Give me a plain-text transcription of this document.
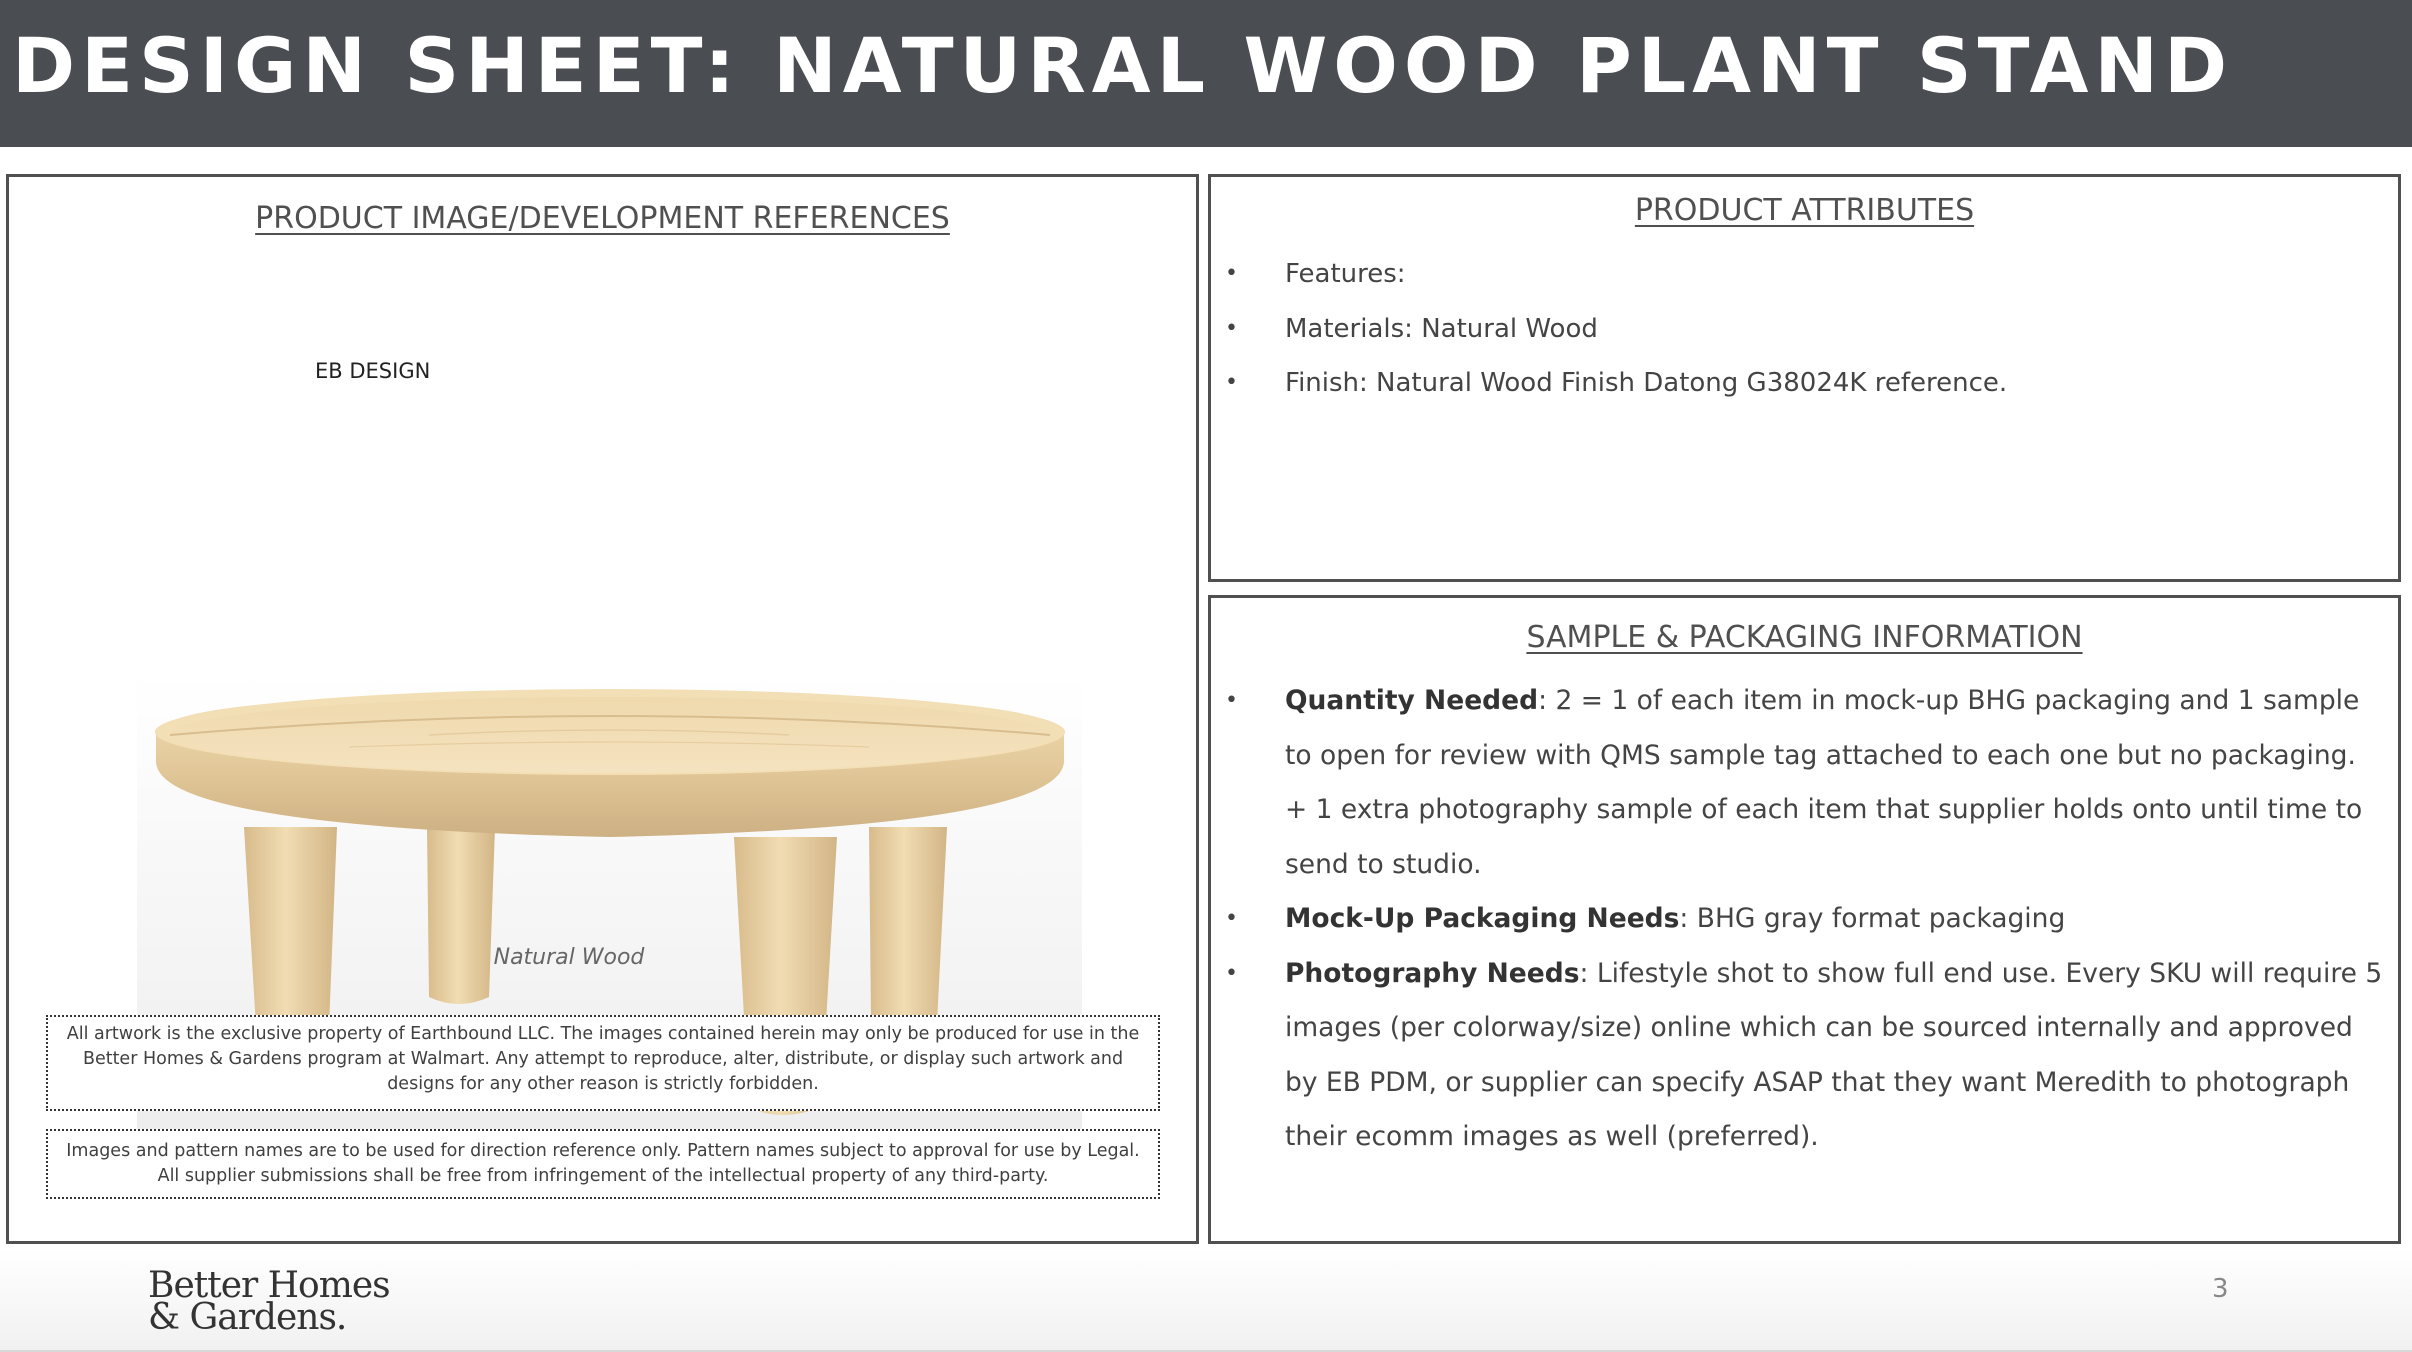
DESIGN SHEET: NATURAL WOOD PLANT STAND
PRODUCT IMAGE/DEVELOPMENT REFERENCES
EB DESIGN
Natural Wood
All artwork is the exclusive property of Earthbound LLC. The images contained herein may only be produced for use in the Better Homes & Gardens program at Walmart. Any attempt to reproduce, alter, distribute, or display such artwork and designs for any other reason is strictly forbidden.
Images and pattern names are to be used for direction reference only. Pattern names subject to approval for use by Legal.
All supplier submissions shall be free from infringement of the intellectual property of any third-party.
PRODUCT ATTRIBUTES
• Features:
• Materials: Natural Wood
• Finish: Natural Wood Finish Datong G38024K reference.
SAMPLE & PACKAGING INFORMATION
• Quantity Needed: 2 = 1 of each item in mock-up BHG packaging and 1 sample to open for review with QMS sample tag attached to each one but no packaging. + 1 extra photography sample of each item that supplier holds onto until time to send to studio.
• Mock-Up Packaging Needs: BHG gray format packaging
• Photography Needs: Lifestyle shot to show full end use. Every SKU will require 5 images (per colorway/size) online which can be sourced internally and approved by EB PDM, or supplier can specify ASAP that they want Meredith to photograph their ecomm images as well (preferred).
Better Homes
& Gardens.
3
